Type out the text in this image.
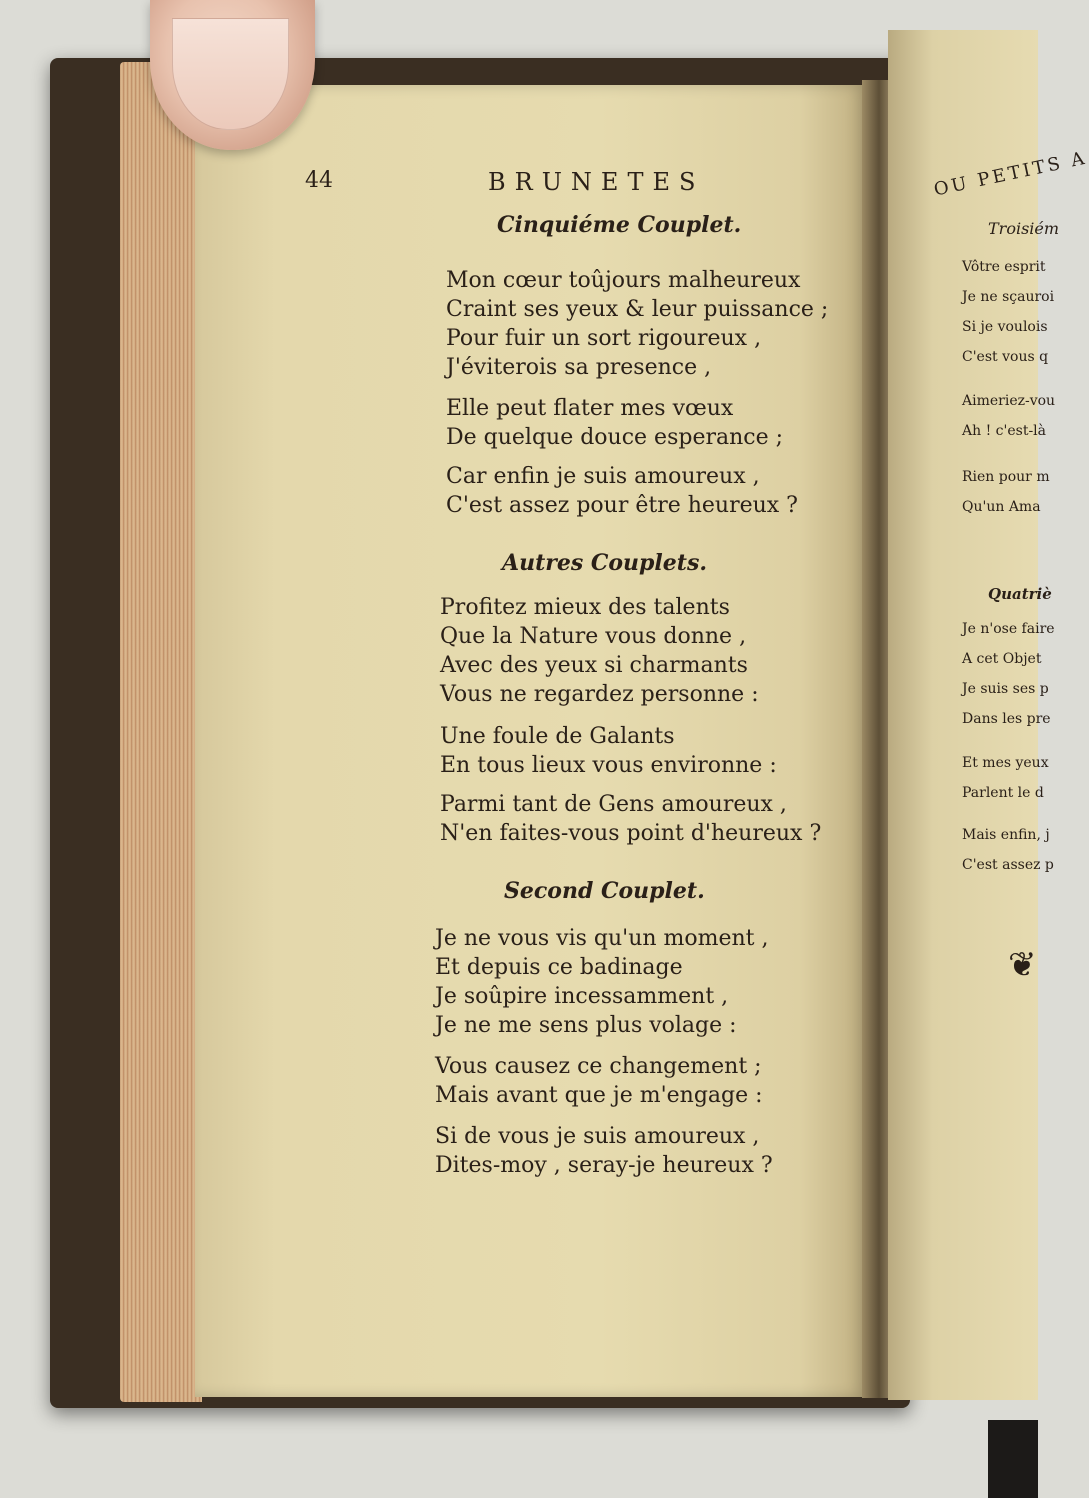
OU PETITS A
Troisiém
Vôtre esprit
Je ne sçauroi
Si je voulois
C'est vous q
Aimeriez-vou
Ah ! c'est-là
Rien pour m
Qu'un Ama
Quatriè
Je n'ose faire
A cet Objet
Je suis ses p
Dans les pre
Et mes yeux
Parlent le d
Mais enfin, j
C'est assez p
❦
44	BRUNETES
Cinquiéme Couplet.
Mon cœur toûjours malheureux
Craint ses yeux & leur puissance ;
Pour fuir un sort rigoureux ,
J'éviterois sa presence ,
Elle peut flater mes vœux
De quelque douce esperance ;
Car enfin je suis amoureux ,
C'est assez pour être heureux ?
Autres Couplets.
Profitez mieux des talents
Que la Nature vous donne ,
Avec des yeux si charmants
Vous ne regardez personne :
Une foule de Galants
En tous lieux vous environne :
Parmi tant de Gens amoureux ,
N'en faites-vous point d'heureux ?
Second Couplet.
Je ne vous vis qu'un moment ,
Et depuis ce badinage
Je soûpire incessamment ,
Je ne me sens plus volage :
Vous causez ce changement ;
Mais avant que je m'engage :
Si de vous je suis amoureux ,
Dites-moy , seray-je heureux ?
